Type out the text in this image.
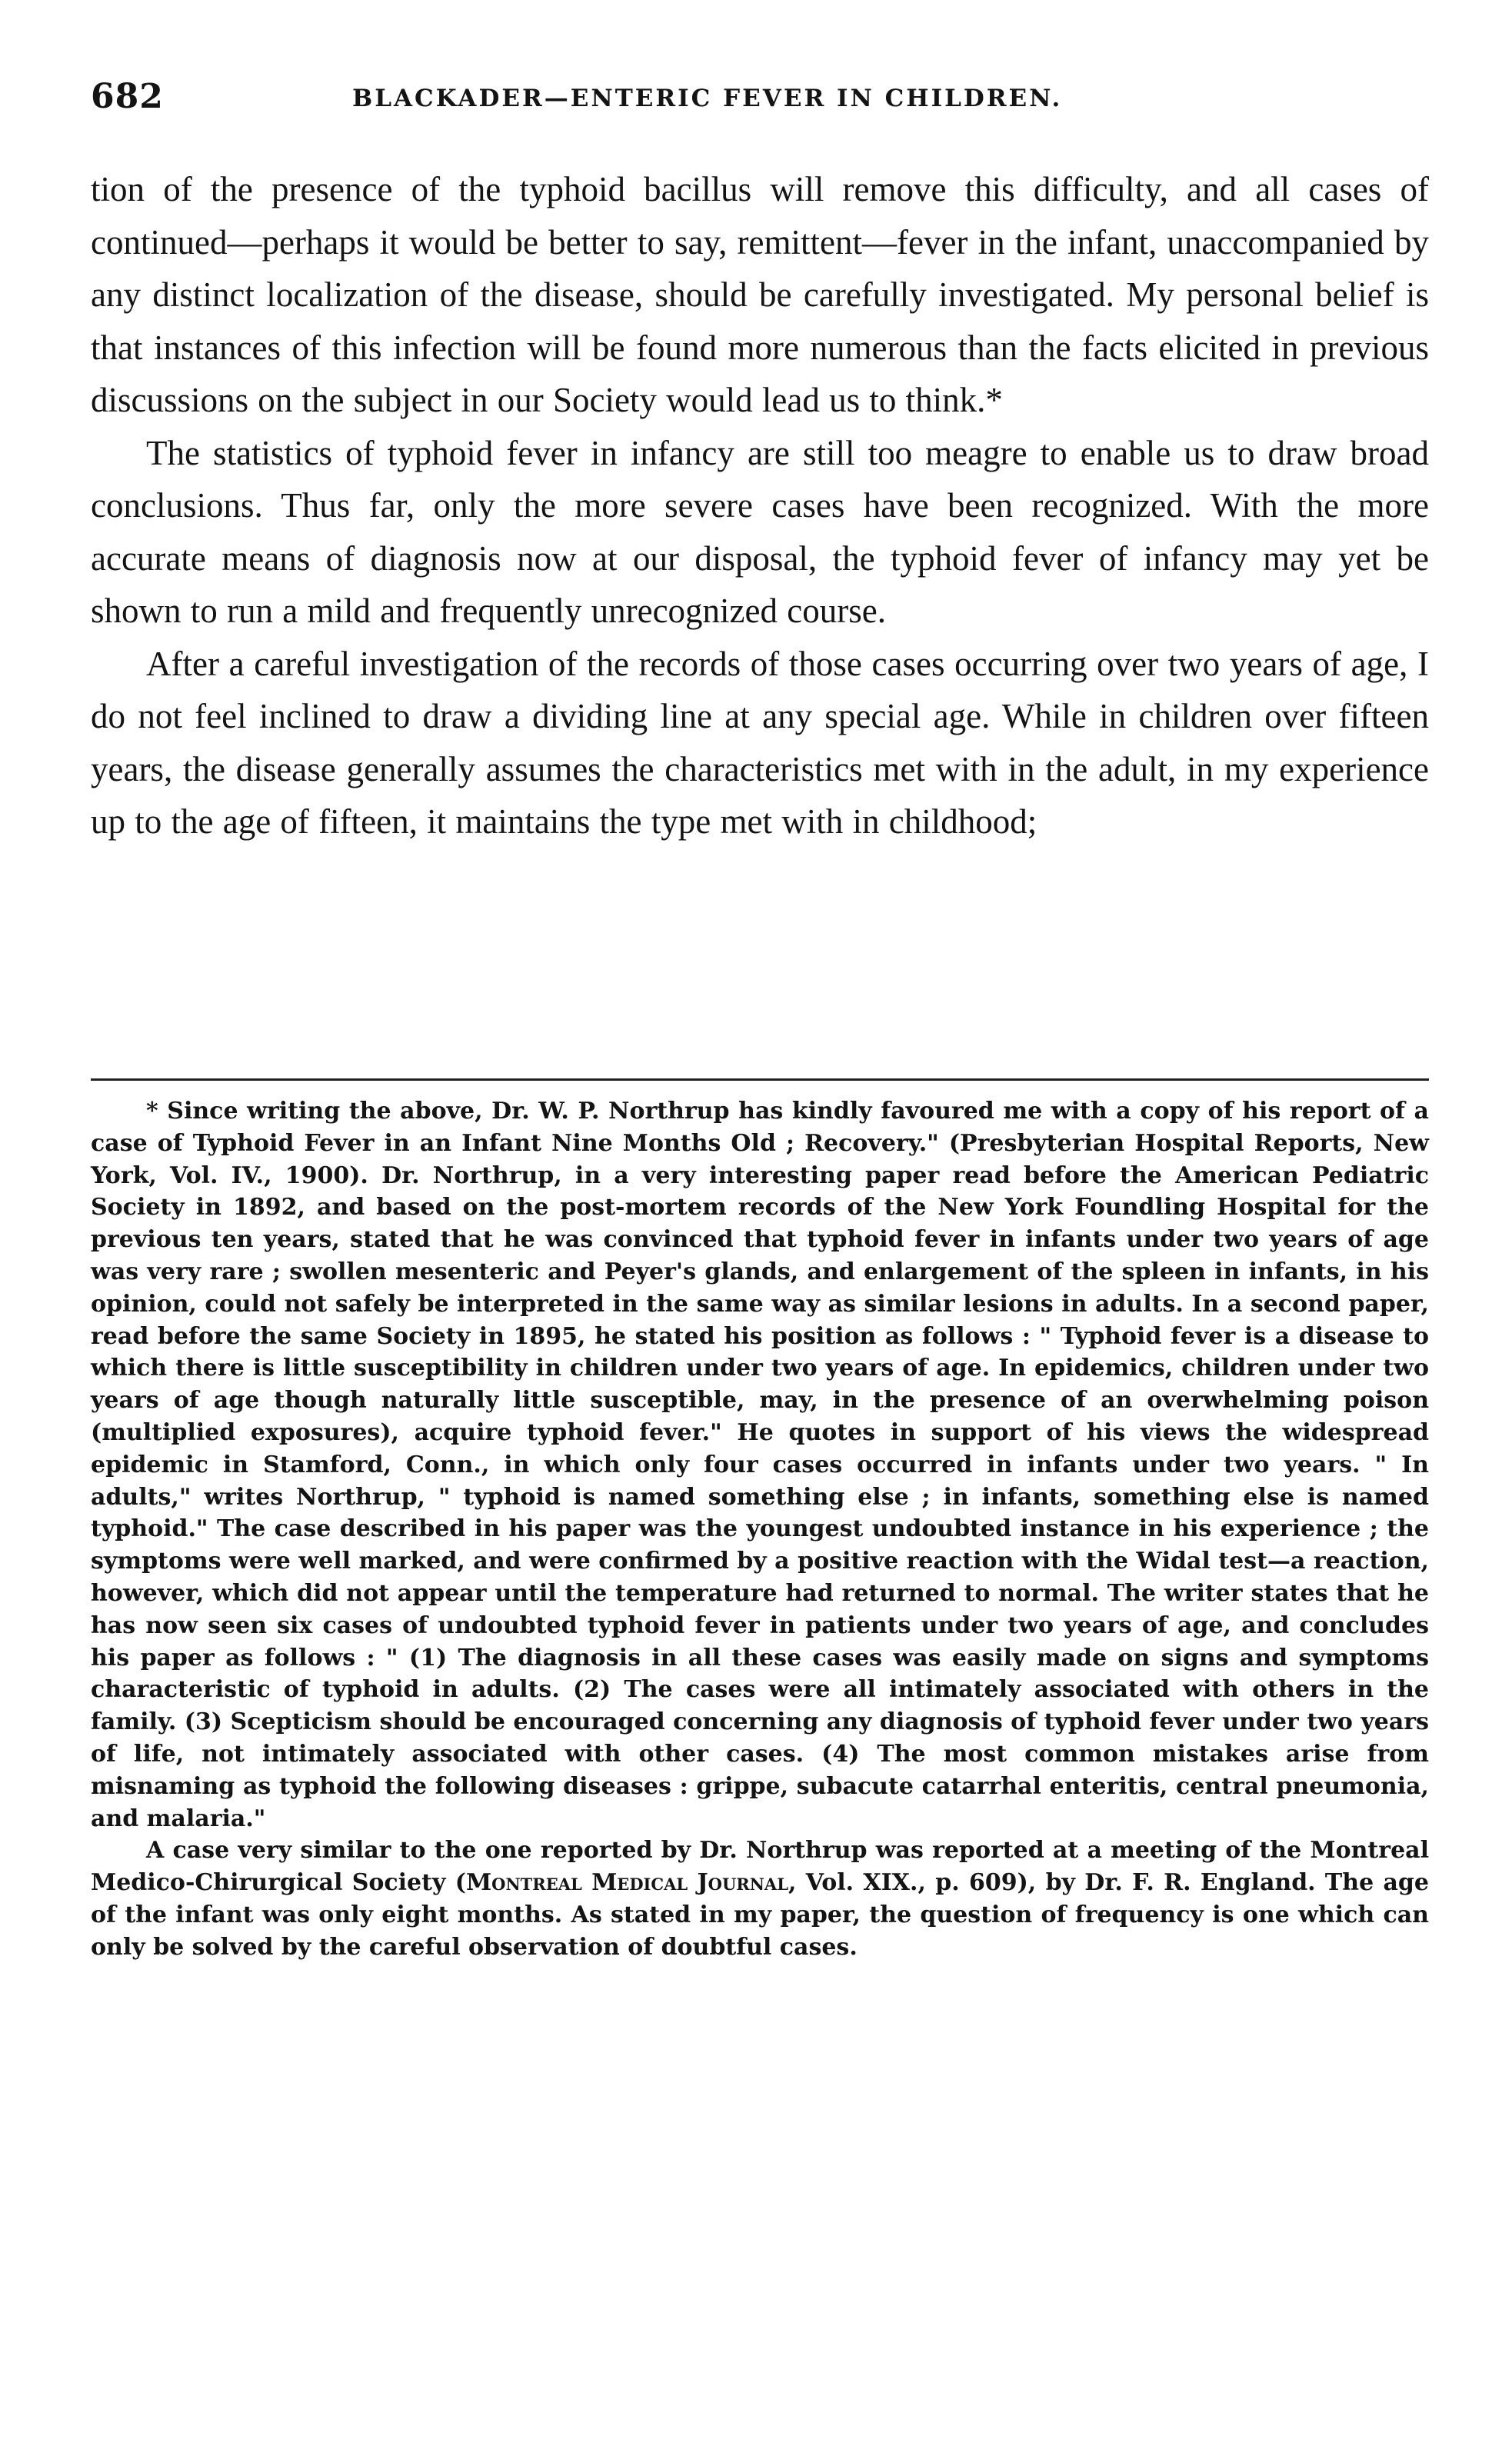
682	BLACKADER—ENTERIC FEVER IN CHILDREN.

tion of the presence of the typhoid bacillus will remove this difficulty, and all cases of continued—perhaps it would be better to say, remittent—fever in the infant, unaccompanied by any distinct localization of the disease, should be carefully investigated. My personal belief is that instances of this infection will be found more numerous than the facts elicited in previous discussions on the subject in our Society would lead us to think.*

The statistics of typhoid fever in infancy are still too meagre to enable us to draw broad conclusions. Thus far, only the more severe cases have been recognized. With the more accurate means of diagnosis now at our disposal, the typhoid fever of infancy may yet be shown to run a mild and frequently unrecognized course.

After a careful investigation of the records of those cases occurring over two years of age, I do not feel inclined to draw a dividing line at any special age. While in children over fifteen years, the disease generally assumes the characteristics met with in the adult, in my experience up to the age of fifteen, it maintains the type met with in childhood;

* Since writing the above, Dr. W. P. Northrup has kindly favoured me with a copy of his report of a case of Typhoid Fever in an Infant Nine Months Old ; Recovery." (Presbyterian Hospital Reports, New York, Vol. IV., 1900). Dr. Northrup, in a very interesting paper read before the American Pediatric Society in 1892, and based on the post-mortem records of the New York Foundling Hospital for the previous ten years, stated that he was convinced that typhoid fever in infants under two years of age was very rare ; swollen mesenteric and Peyer's glands, and enlargement of the spleen in infants, in his opinion, could not safely be interpreted in the same way as similar lesions in adults. In a second paper, read before the same Society in 1895, he stated his position as follows : " Typhoid fever is a disease to which there is little susceptibility in children under two years of age. In epidemics, children under two years of age though naturally little susceptible, may, in the presence of an overwhelming poison (multiplied exposures), acquire typhoid fever." He quotes in support of his views the widespread epidemic in Stamford, Conn., in which only four cases occurred in infants under two years. " In adults," writes Northrup, " typhoid is named something else ; in infants, something else is named typhoid." The case described in his paper was the youngest undoubted instance in his experience ; the symptoms were well marked, and were confirmed by a positive reaction with the Widal test—a reaction, however, which did not appear until the temperature had returned to normal. The writer states that he has now seen six cases of undoubted typhoid fever in patients under two years of age, and concludes his paper as follows : " (1) The diagnosis in all these cases was easily made on signs and symptoms characteristic of typhoid in adults. (2) The cases were all intimately associated with others in the family. (3) Scepticism should be encouraged concerning any diagnosis of typhoid fever under two years of life, not intimately associated with other cases. (4) The most common mistakes arise from misnaming as typhoid the following diseases : grippe, subacute catarrhal enteritis, central pneumonia, and malaria."

A case very similar to the one reported by Dr. Northrup was reported at a meeting of the Montreal Medico-Chirurgical Society (Montreal Medical Journal, Vol. XIX., p. 609), by Dr. F. R. England. The age of the infant was only eight months. As stated in my paper, the question of frequency is one which can only be solved by the careful observation of doubtful cases.
